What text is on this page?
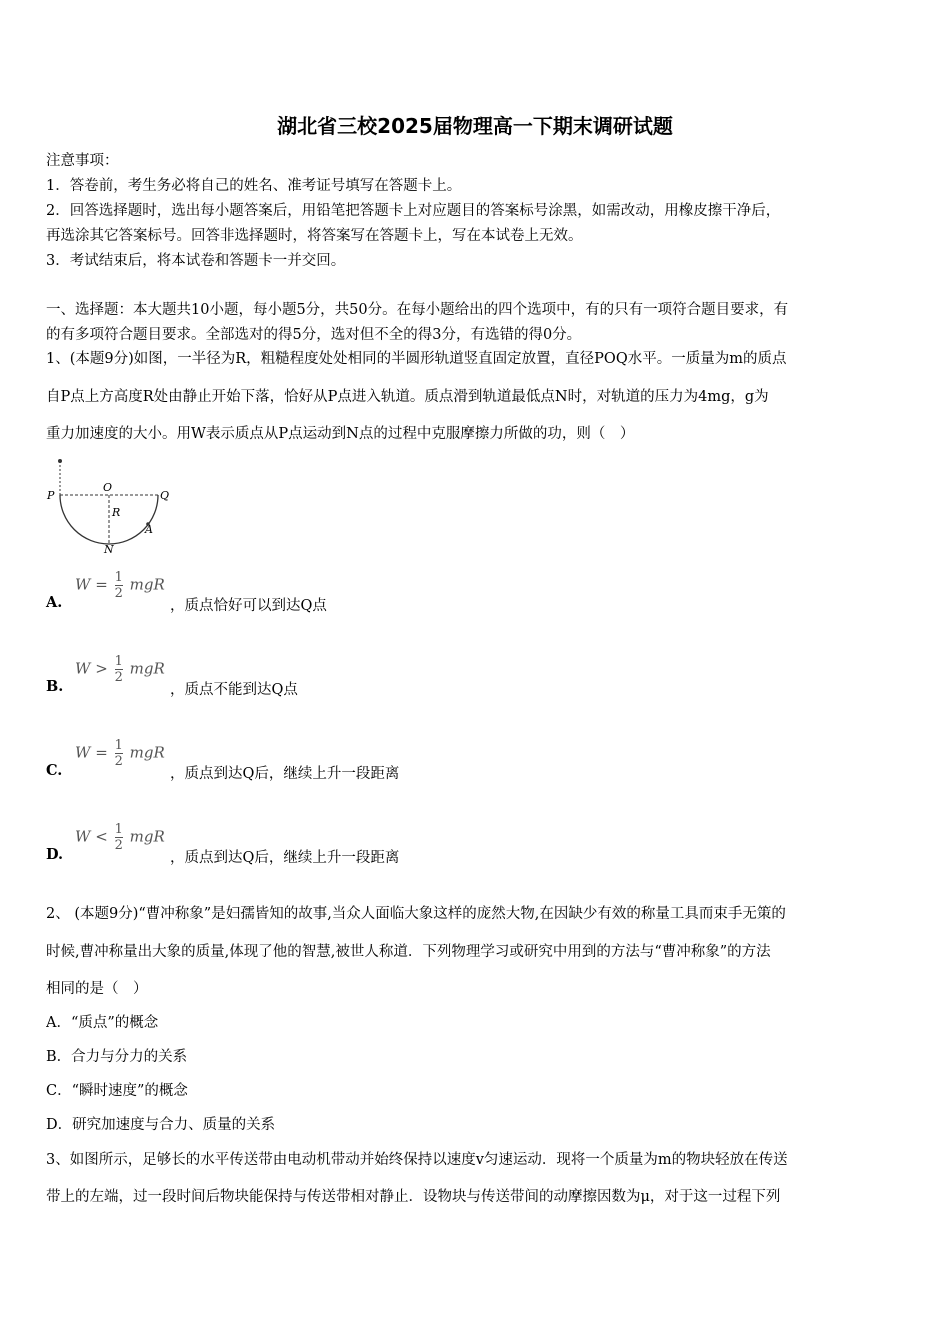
湖北省三校2025届物理高一下期末调研试题
注意事项：
1．答卷前，考生务必将自己的姓名、准考证号填写在答题卡上。
2．回答选择题时，选出每小题答案后，用铅笔把答题卡上对应题目的答案标号涂黑，如需改动，用橡皮擦干净后，
再选涂其它答案标号。回答非选择题时，将答案写在答题卡上，写在本试卷上无效。
3．考试结束后，将本试卷和答题卡一并交回。
一、选择题：本大题共10小题，每小题5分，共50分。在每小题给出的四个选项中，有的只有一项符合题目要求，有
的有多项符合题目要求。全部选对的得5分，选对但不全的得3分，有选错的得0分。
1、(本题9分)如图，一半径为R，粗糙程度处处相同的半圆形轨道竖直固定放置，直径POQ水平。一质量为m的质点
自P点上方高度R处由静止开始下落，恰好从P点进入轨道。质点滑到轨道最低点N时，对轨道的压力为4mg，g为
重力加速度的大小。用W表示质点从P点运动到N点的过程中克服摩擦力所做的功，则（　）
P
O
Q
R
N
A
A.
$W = \frac{1}{2}$ mgR
，质点恰好可以到达Q点
B.
$W > \frac{1}{2}$ mgR
，质点不能到达Q点
C.
$W = \frac{1}{2}$ mgR
，质点到达Q后，继续上升一段距离
D.
$W < \frac{1}{2}$ mgR
，质点到达Q后，继续上升一段距离
2、 (本题9分)“曹冲称象”是妇孺皆知的故事,当众人面临大象这样的庞然大物,在因缺少有效的称量工具而束手无策的
时候,曹冲称量出大象的质量,体现了他的智慧,被世人称道．下列物理学习或研究中用到的方法与“曹冲称象”的方法
相同的是（　）
A．“质点”的概念
B．合力与分力的关系
C．“瞬时速度”的概念
D．研究加速度与合力、质量的关系
3、如图所示，足够长的水平传送带由电动机带动并始终保持以速度v匀速运动．现将一个质量为m的物块轻放在传送
带上的左端，过一段时间后物块能保持与传送带相对静止．设物块与传送带间的动摩擦因数为μ，对于这一过程下列
